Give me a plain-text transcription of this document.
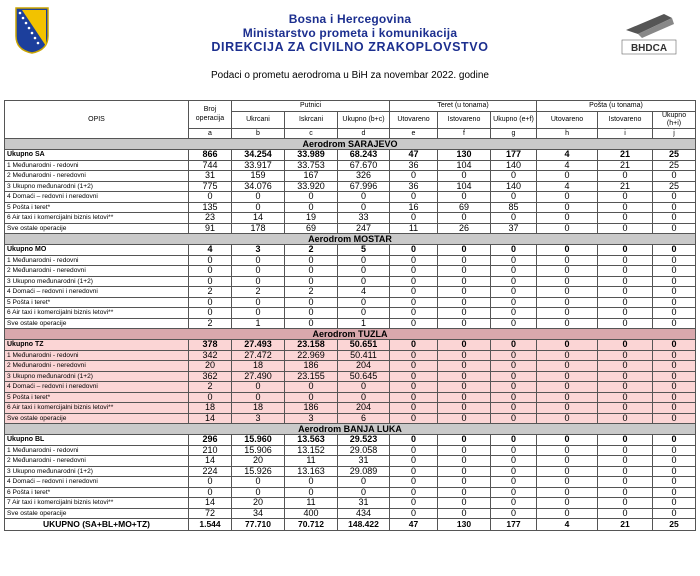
BHDCA
Bosna i Hercegovina
Ministarstvo prometa i komunikacija
DIREKCIJA ZA CIVILNO ZRAKOPLOVSTVO
Podaci o prometu aerodroma u BiH za novembar 2022. godine
OPIS	Broj operacija	Putnici			Teret (u tonama)			Pošta (u tonama)		
		Ukrcani	Iskrcani	Ukupno (b+c)	Utovareno	Istovareno	Ukupno (e+f)	Utovareno	Istovareno	Ukupno (h+i)
	a	b	c	d	e	f	g	h	i	j
Aerodrom SARAJEVO										
Ukupno SA	866	34.254	33.989	68.243	47	130	177	4	21	25
1 Međunarodni - redovni	744	33.917	33.753	67.670	36	104	140	4	21	25
2 Međunarodni - neredovni	31	159	167	326	0	0	0	0	0	0
3 Ukupno međunarodni (1+2)	775	34.076	33.920	67.996	36	104	140	4	21	25
4 Domaći – redovni i neredovni	0	0	0	0	0	0	0	0	0	0
5 Pošta i teret*	135	0	0	0	16	69	85	0	0	0
6 Air taxi i komercijalni biznis letovi**	23	14	19	33	0	0	0	0	0	0
Sve ostale operacije	91	178	69	247	11	26	37	0	0	0
Aerodrom MOSTAR										
Ukupno MO	4	3	2	5	0	0	0	0	0	0
1 Međunarodni - redovni	0	0	0	0	0	0	0	0	0	0
2 Međunarodni - neredovni	0	0	0	0	0	0	0	0	0	0
3 Ukupno međunarodni (1+2)	0	0	0	0	0	0	0	0	0	0
4 Domaći – redovni i neredovni	2	2	2	4	0	0	0	0	0	0
5 Pošta i teret*	0	0	0	0	0	0	0	0	0	0
6 Air taxi i komercijalni biznis letovi**	0	0	0	0	0	0	0	0	0	0
Sve ostale operacije	2	1	0	1	0	0	0	0	0	0
Aerodrom TUZLA										
Ukupno TZ	378	27.493	23.158	50.651	0	0	0	0	0	0
1 Međunarodni - redovni	342	27.472	22.969	50.411	0	0	0	0	0	0
2 Međunarodni - neredovni	20	18	186	204	0	0	0	0	0	0
3 Ukupno međunarodni (1+2)	362	27.490	23.155	50.645	0	0	0	0	0	0
4 Domaći – redovni i neredovni	2	0	0	0	0	0	0	0	0	0
5 Pošta i teret*	0	0	0	0	0	0	0	0	0	0
6 Air taxi i komercijalni biznis letovi**	18	18	186	204	0	0	0	0	0	0
Sve ostale operacije	14	3	3	6	0	0	0	0	0	0
Aerodrom BANJA LUKA										
Ukupno BL	296	15.960	13.563	29.523	0	0	0	0	0	0
1 Međunarodni - redovni	210	15.906	13.152	29.058	0	0	0	0	0	0
2 Međunarodni - neredovni	14	20	11	31	0	0	0	0	0	0
3 Ukupno međunarodni (1+2)	224	15.926	13.163	29.089	0	0	0	0	0	0
4 Domaći – redovni i neredovni	0	0	0	0	0	0	0	0	0	0
6 Pošta i teret*	0	0	0	0	0	0	0	0	0	0
7 Air taxi i komercijalni biznis letovi**	14	20	11	31	0	0	0	0	0	0
Sve ostale operacije	72	34	400	434	0	0	0	0	0	0
UKUPNO (SA+BL+MO+TZ)	1.544	77.710	70.712	148.422	47	130	177	4	21	25
